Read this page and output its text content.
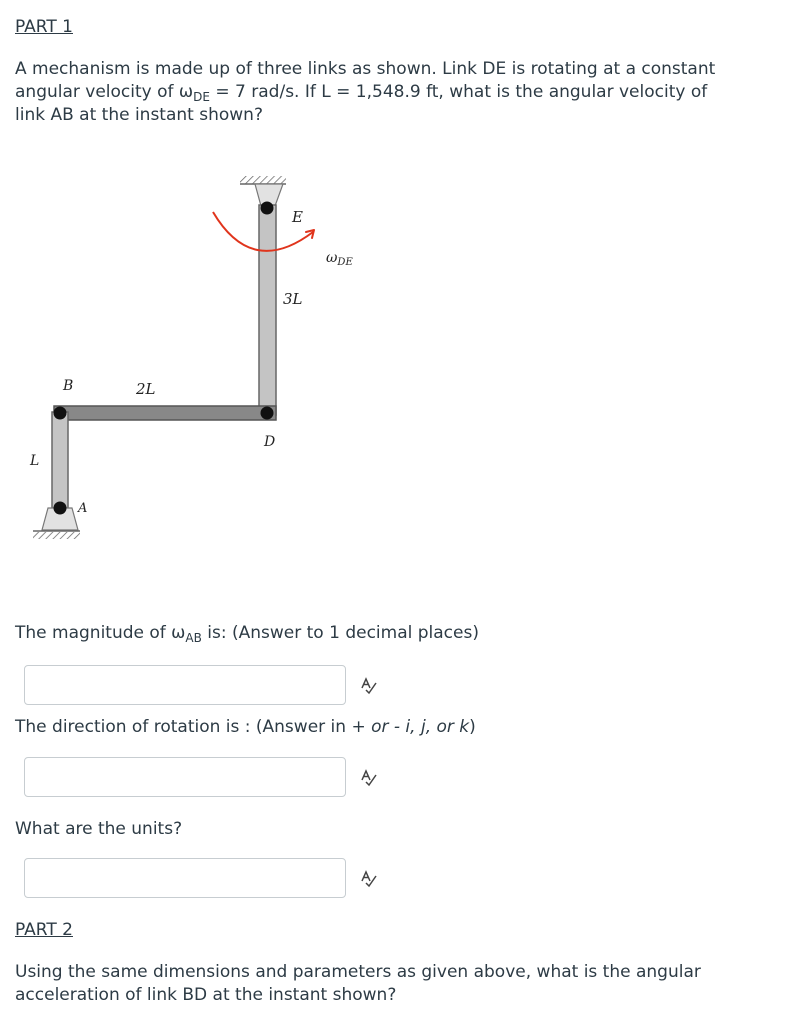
PART 1
A mechanism is made up of three links as shown. Link DE is rotating at a constant
angular velocity of $\omega_{DE} = 7$ rad/s. If L = 1,548.9 ft, what is the angular velocity of
link AB at the instant shown?
E
$\omega_{DE}$
3L
B	2L
D
L
A
The magnitude of $\omega_{AB}$ is: (Answer to 1 decimal places)
The direction of rotation is : (Answer in + or - i, j, or k)
What are the units?
PART 2
Using the same dimensions and parameters as given above, what is the angular
acceleration of link BD at the instant shown?
